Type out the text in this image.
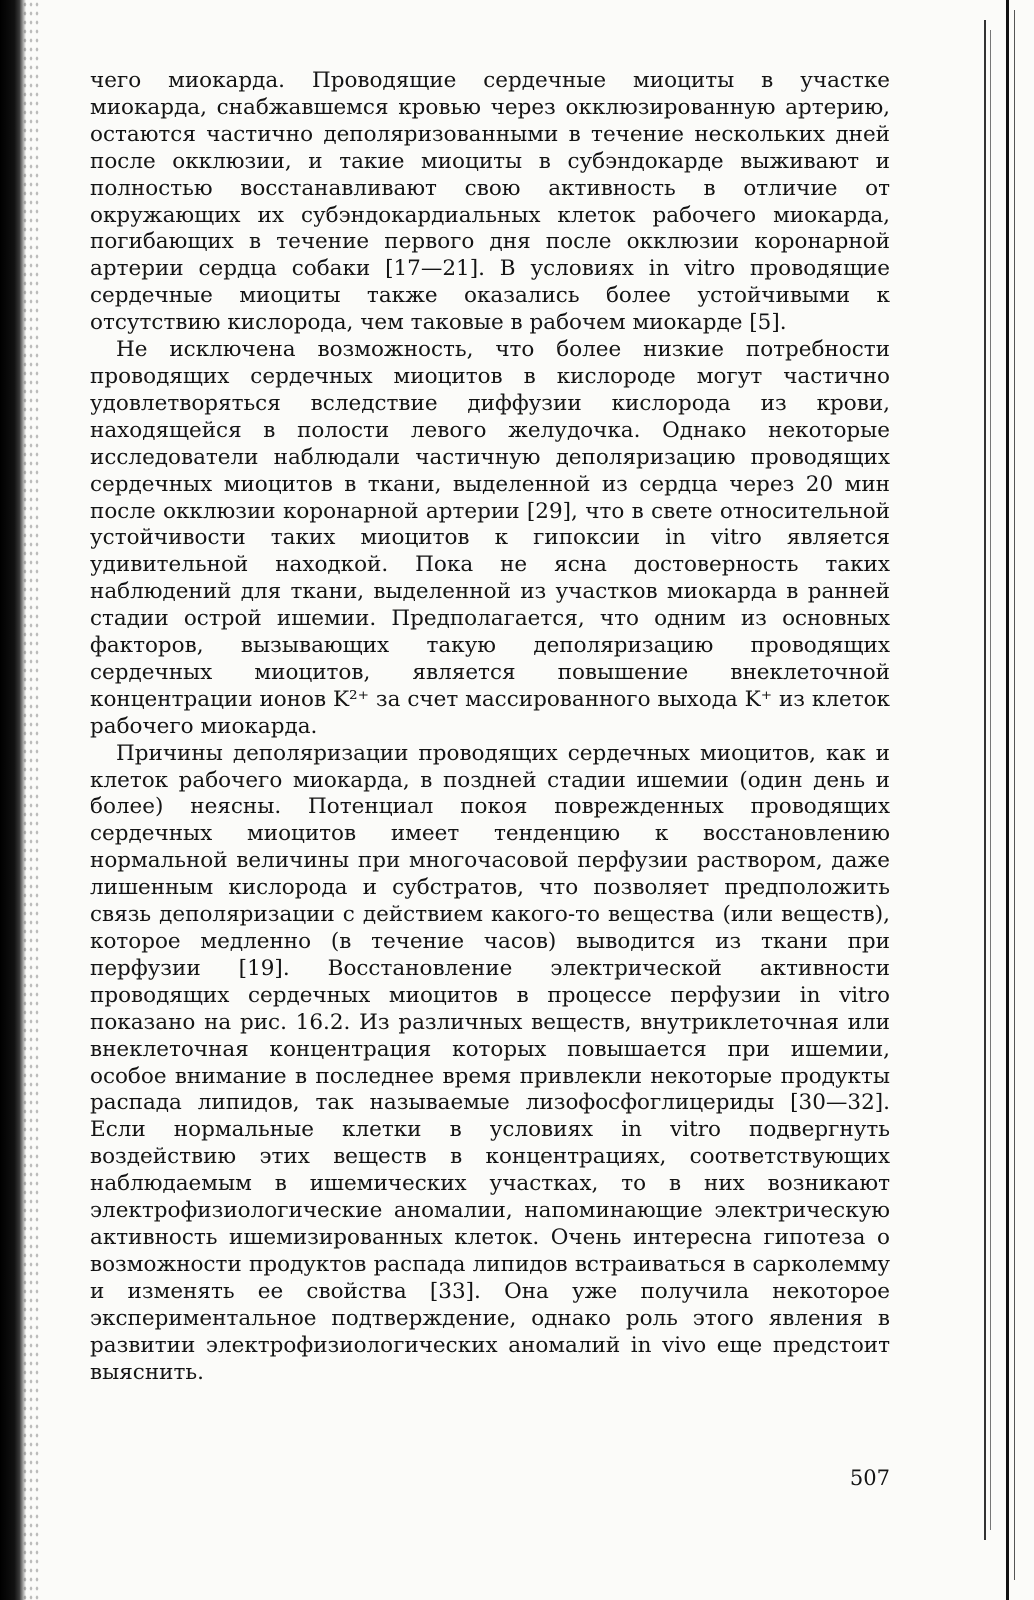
чего миокарда. Проводящие сердечные миоциты в участке миокарда, снабжавшемся кровью через окклюзированную артерию, остаются частично деполяризованными в течение нескольких дней после окклюзии, и такие миоциты в субэндокарде выживают и полностью восстанавливают свою активность в отличие от окружающих их субэндокардиальных клеток рабочего миокарда, погибающих в течение первого дня после окклюзии коронарной артерии сердца собаки [17—21]. В условиях in vitro проводящие сердечные миоциты также оказались более устойчивыми к отсутствию кислорода, чем таковые в рабочем миокарде [5].

Не исключена возможность, что более низкие потребности проводящих сердечных миоцитов в кислороде могут частично удовлетворяться вследствие диффузии кислорода из крови, находящейся в полости левого желудочка. Однако некоторые исследователи наблюдали частичную деполяризацию проводящих сердечных миоцитов в ткани, выделенной из сердца через 20 мин после окклюзии коронарной артерии [29], что в свете относительной устойчивости таких миоцитов к гипоксии in vitro является удивительной находкой. Пока не ясна достоверность таких наблюдений для ткани, выделенной из участков миокарда в ранней стадии острой ишемии. Предполагается, что одним из основных факторов, вызывающих такую деполяризацию проводящих сердечных миоцитов, является повышение внеклеточной концентрации ионов K²⁺ за счет массированного выхода K⁺ из клеток рабочего миокарда.

Причины деполяризации проводящих сердечных миоцитов, как и клеток рабочего миокарда, в поздней стадии ишемии (один день и более) неясны. Потенциал покоя поврежденных проводящих сердечных миоцитов имеет тенденцию к восстановлению нормальной величины при многочасовой перфузии раствором, даже лишенным кислорода и субстратов, что позволяет предположить связь деполяризации с действием какого-то вещества (или веществ), которое медленно (в течение часов) выводится из ткани при перфузии [19]. Восстановление электрической активности проводящих сердечных миоцитов в процессе перфузии in vitro показано на рис. 16.2. Из различных веществ, внутриклеточная или внеклеточная концентрация которых повышается при ишемии, особое внимание в последнее время привлекли некоторые продукты распада липидов, так называемые лизофосфоглицериды [30—32]. Если нормальные клетки в условиях in vitro подвергнуть воздействию этих веществ в концентрациях, соответствующих наблюдаемым в ишемических участках, то в них возникают электрофизиологические аномалии, напоминающие электрическую активность ишемизированных клеток. Очень интересна гипотеза о возможности продуктов распада липидов встраиваться в сарколемму и изменять ее свойства [33]. Она уже получила некоторое экспериментальное подтверждение, однако роль этого явления в развитии электрофизиологических аномалий in vivo еще предстоит выяснить.

507
